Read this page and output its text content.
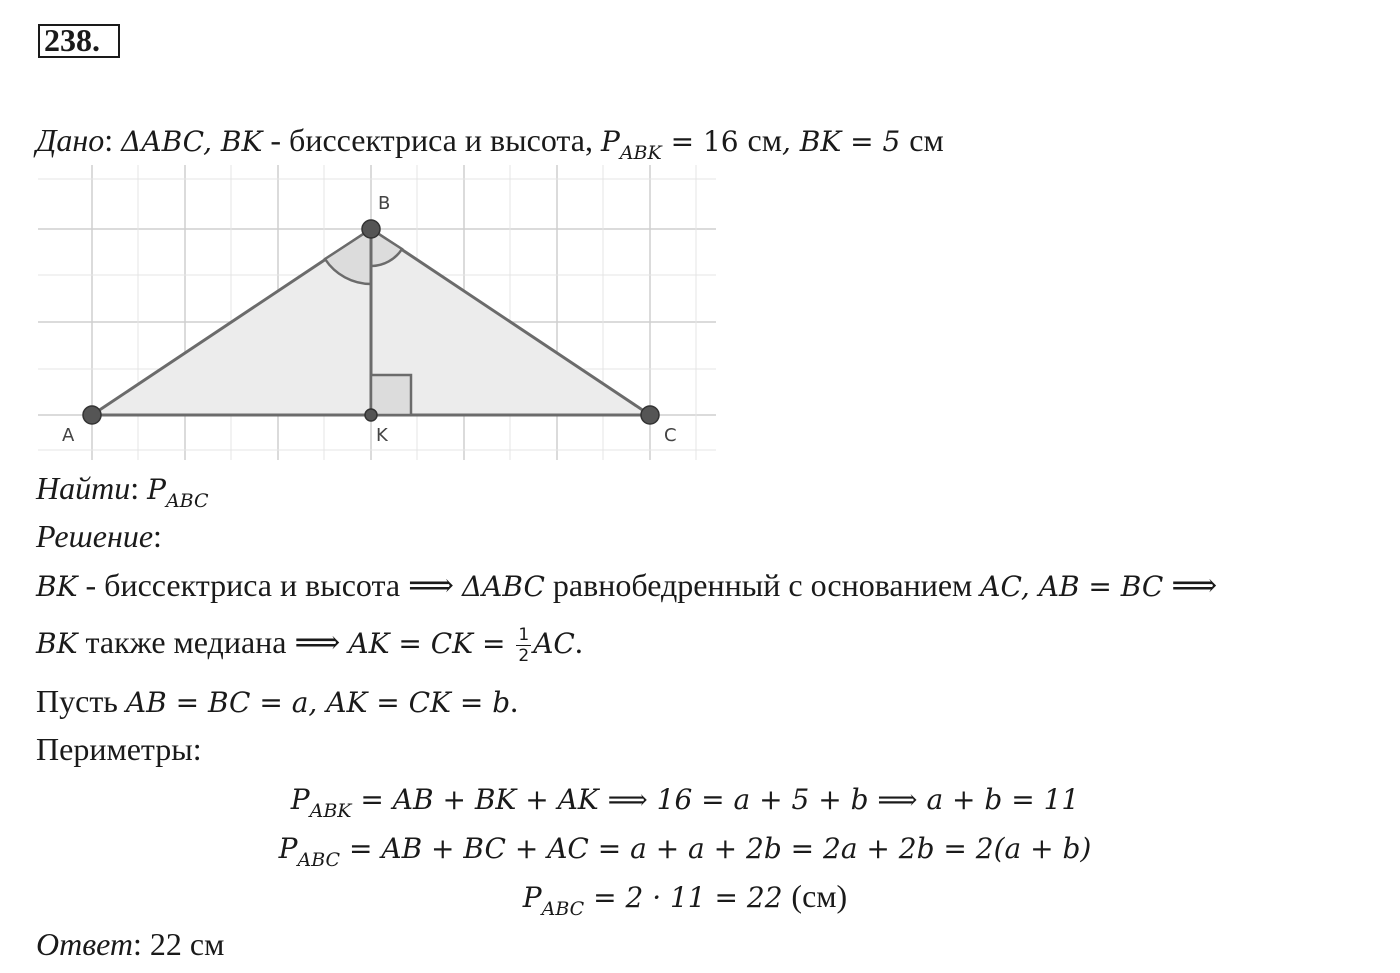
238.
Дано: ΔABC, BK - биссектриса и высота, $P_{ABK} = 16$ см, BK = 5 см
A
B
C
K
Найти: $P_{ABC}$
Решение:
BK - биссектриса и высота ⟹ ΔABC равнобедренный с основанием AC, AB = BC ⟹
BK также медиана ⟹ AK = CK = $\frac{1}{2}$ AC.
Пусть AB = BC = a, AK = CK = b.
Периметры:
$P_{ABK}$ = AB + BK + AK ⟹ 16 = a + 5 + b ⟹ a + b = 11
$P_{ABC}$ = AB + BC + AC = a + a + 2b = 2a + 2b = 2(a + b)
$P_{ABC} = 2 \cdot 11 = 22$ (см)
Ответ: 22 см
